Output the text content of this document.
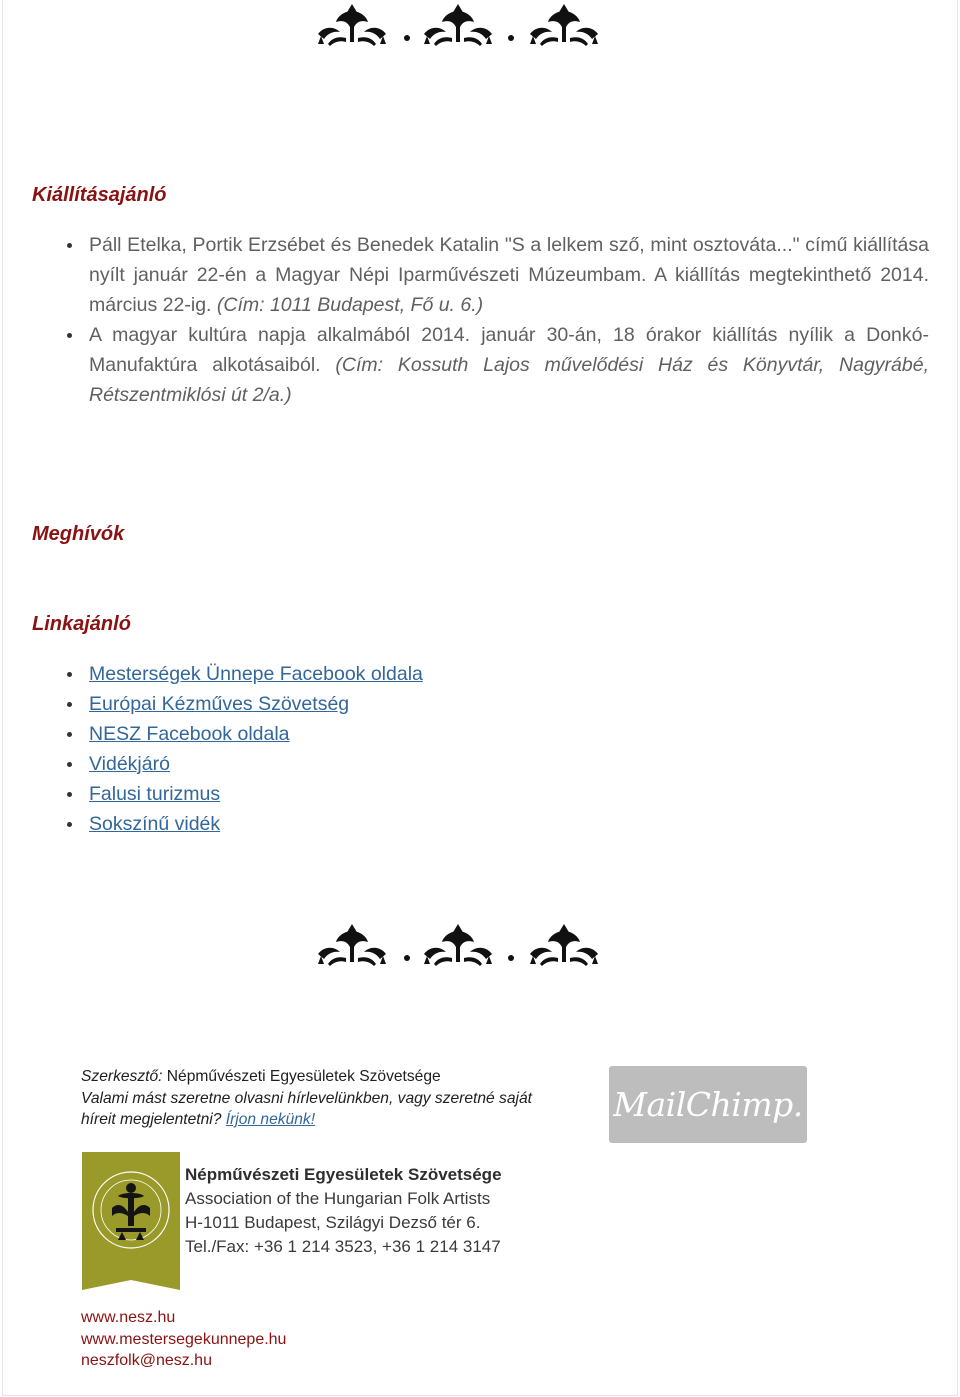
Kiállításajánló
Páll Etelka, Portik Erzsébet és Benedek Katalin "S a lelkem sző, mint osztováta..." című kiállítása nyílt január 22-én a Magyar Népi Iparművészeti Múzeumbam. A kiállítás megtekinthető 2014. március 22-ig. (Cím: 1011 Budapest, Fő u. 6.)
A magyar kultúra napja alkalmából 2014. január 30-án, 18 órakor kiállítás nyílik a Donkó-Manufaktúra alkotásaiból. (Cím: Kossuth Lajos művelődési Ház és Könyvtár, Nagyrábé, Rétszentmiklósi út 2/a.)
Meghívók
Linkajánló
Mesterségek Ünnepe Facebook oldala
Európai Kézműves Szövetség
NESZ Facebook oldala
Vidékjáró
Falusi turizmus
Sokszínű vidék
Szerkesztő: Népművészeti Egyesületek Szövetsége
Valami mást szeretne olvasni hírlevelünkben, vagy szeretné saját híreit megjelentetni? Írjon nekünk!	MailChimp.
Népművészeti Egyesületek Szövetsége
Association of the Hungarian Folk Artists
H-1011 Budapest, Szilágyi Dezső tér 6.
Tel./Fax: +36 1 214 3523, +36 1 214 3147
www.nesz.hu
www.mestersegekunnepe.hu
neszfolk@nesz.hu
